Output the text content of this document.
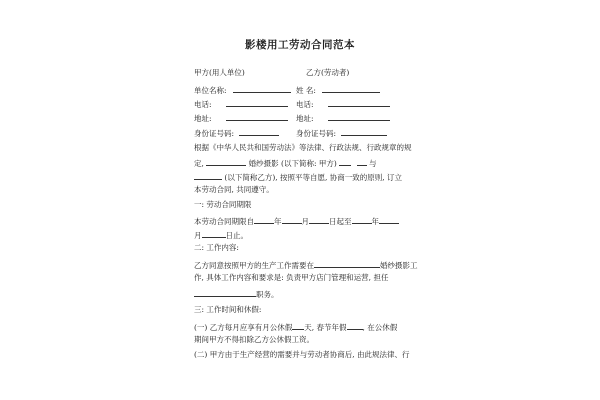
影楼用工劳动合同范本
甲方(用人单位)	乙方(劳动者)
单位名称:	姓 名:
电话:	电话:
地址:	地址:
身份证号码:	身份证号码:
根据《中华人民共和国劳动法》等法律、行政法规、行政规章的规
定,	婚纱摄影 (以下简称: 甲方)	与
(以下简称乙方), 按照平等自愿, 协商一致的原则, 订立
本劳动合同, 共同遵守。
一: 劳动合同期限
本劳动合同期限自	年	月	日起至	年
月	日止。
二: 工作内容:
乙方同意按照甲方的生产工作需要在	婚纱摄影工
作, 具体工作内容和要求是: 负责甲方店门管理和运营, 担任
职务。
三: 工作时间和休假:
(一) 乙方每月应享有月公休假 天, 春节年假 , 在公休假
期间甲方不得扣除乙方公休假工资。
(二) 甲方由于生产经营的需要并与劳动者协商后, 由此规法律、行
